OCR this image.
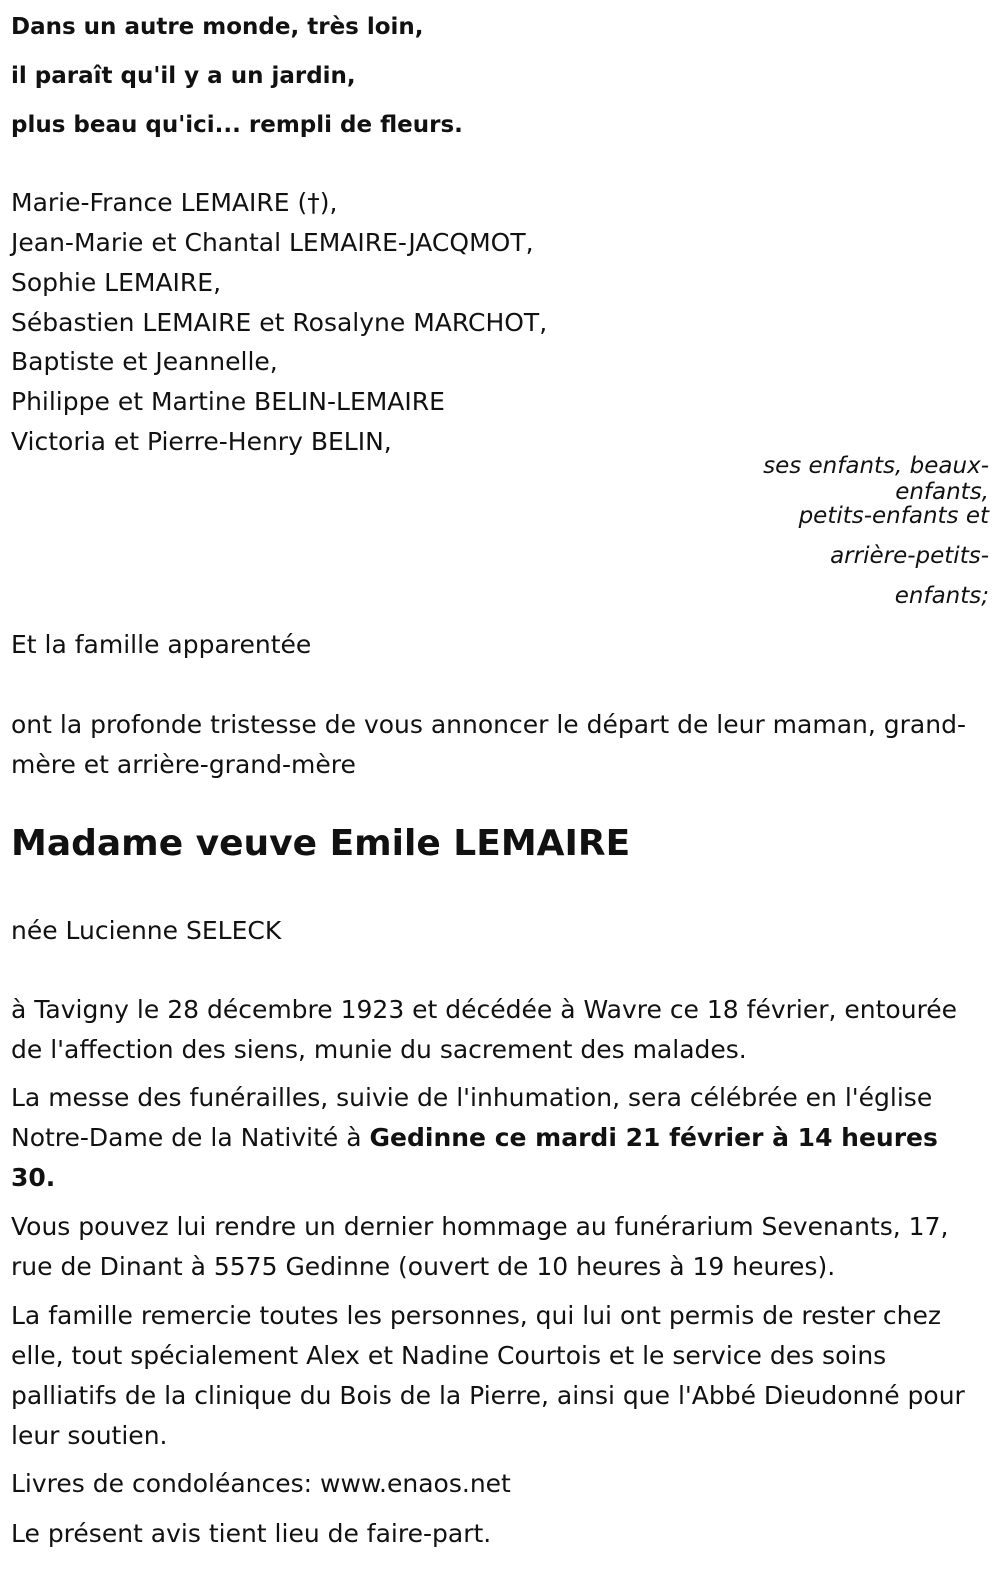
Dans un autre monde, très loin,
il paraît qu'il y a un jardin,
plus beau qu'ici... rempli de fleurs.
Marie-France LEMAIRE (†),
Jean-Marie et Chantal LEMAIRE-JACQMOT,
Sophie LEMAIRE,
Sébastien LEMAIRE et Rosalyne MARCHOT,
Baptiste et Jeannelle,
Philippe et Martine BELIN-LEMAIRE
Victoria et Pierre-Henry BELIN,
ses enfants, beaux-
enfants,
petits-enfants et
arrière-petits-
enfants;
Et la famille apparentée
ont la profonde tristesse de vous annoncer le départ de leur maman, grand-mère et arrière-grand-mère
Madame veuve Emile LEMAIRE
née Lucienne SELECK
à Tavigny le 28 décembre 1923 et décédée à Wavre ce 18 février, entourée de l'affection des siens, munie du sacrement des malades.
La messe des funérailles, suivie de l'inhumation, sera célébrée en l'église Notre-Dame de la Nativité à Gedinne ce mardi 21 février à 14 heures 30.
Vous pouvez lui rendre un dernier hommage au funérarium Sevenants, 17, rue de Dinant à 5575 Gedinne (ouvert de 10 heures à 19 heures).
La famille remercie toutes les personnes, qui lui ont permis de rester chez elle, tout spécialement Alex et Nadine Courtois et le service des soins palliatifs de la clinique du Bois de la Pierre, ainsi que l'Abbé Dieudonné pour leur soutien.
Livres de condoléances: www.enaos.net
Le présent avis tient lieu de faire-part.
